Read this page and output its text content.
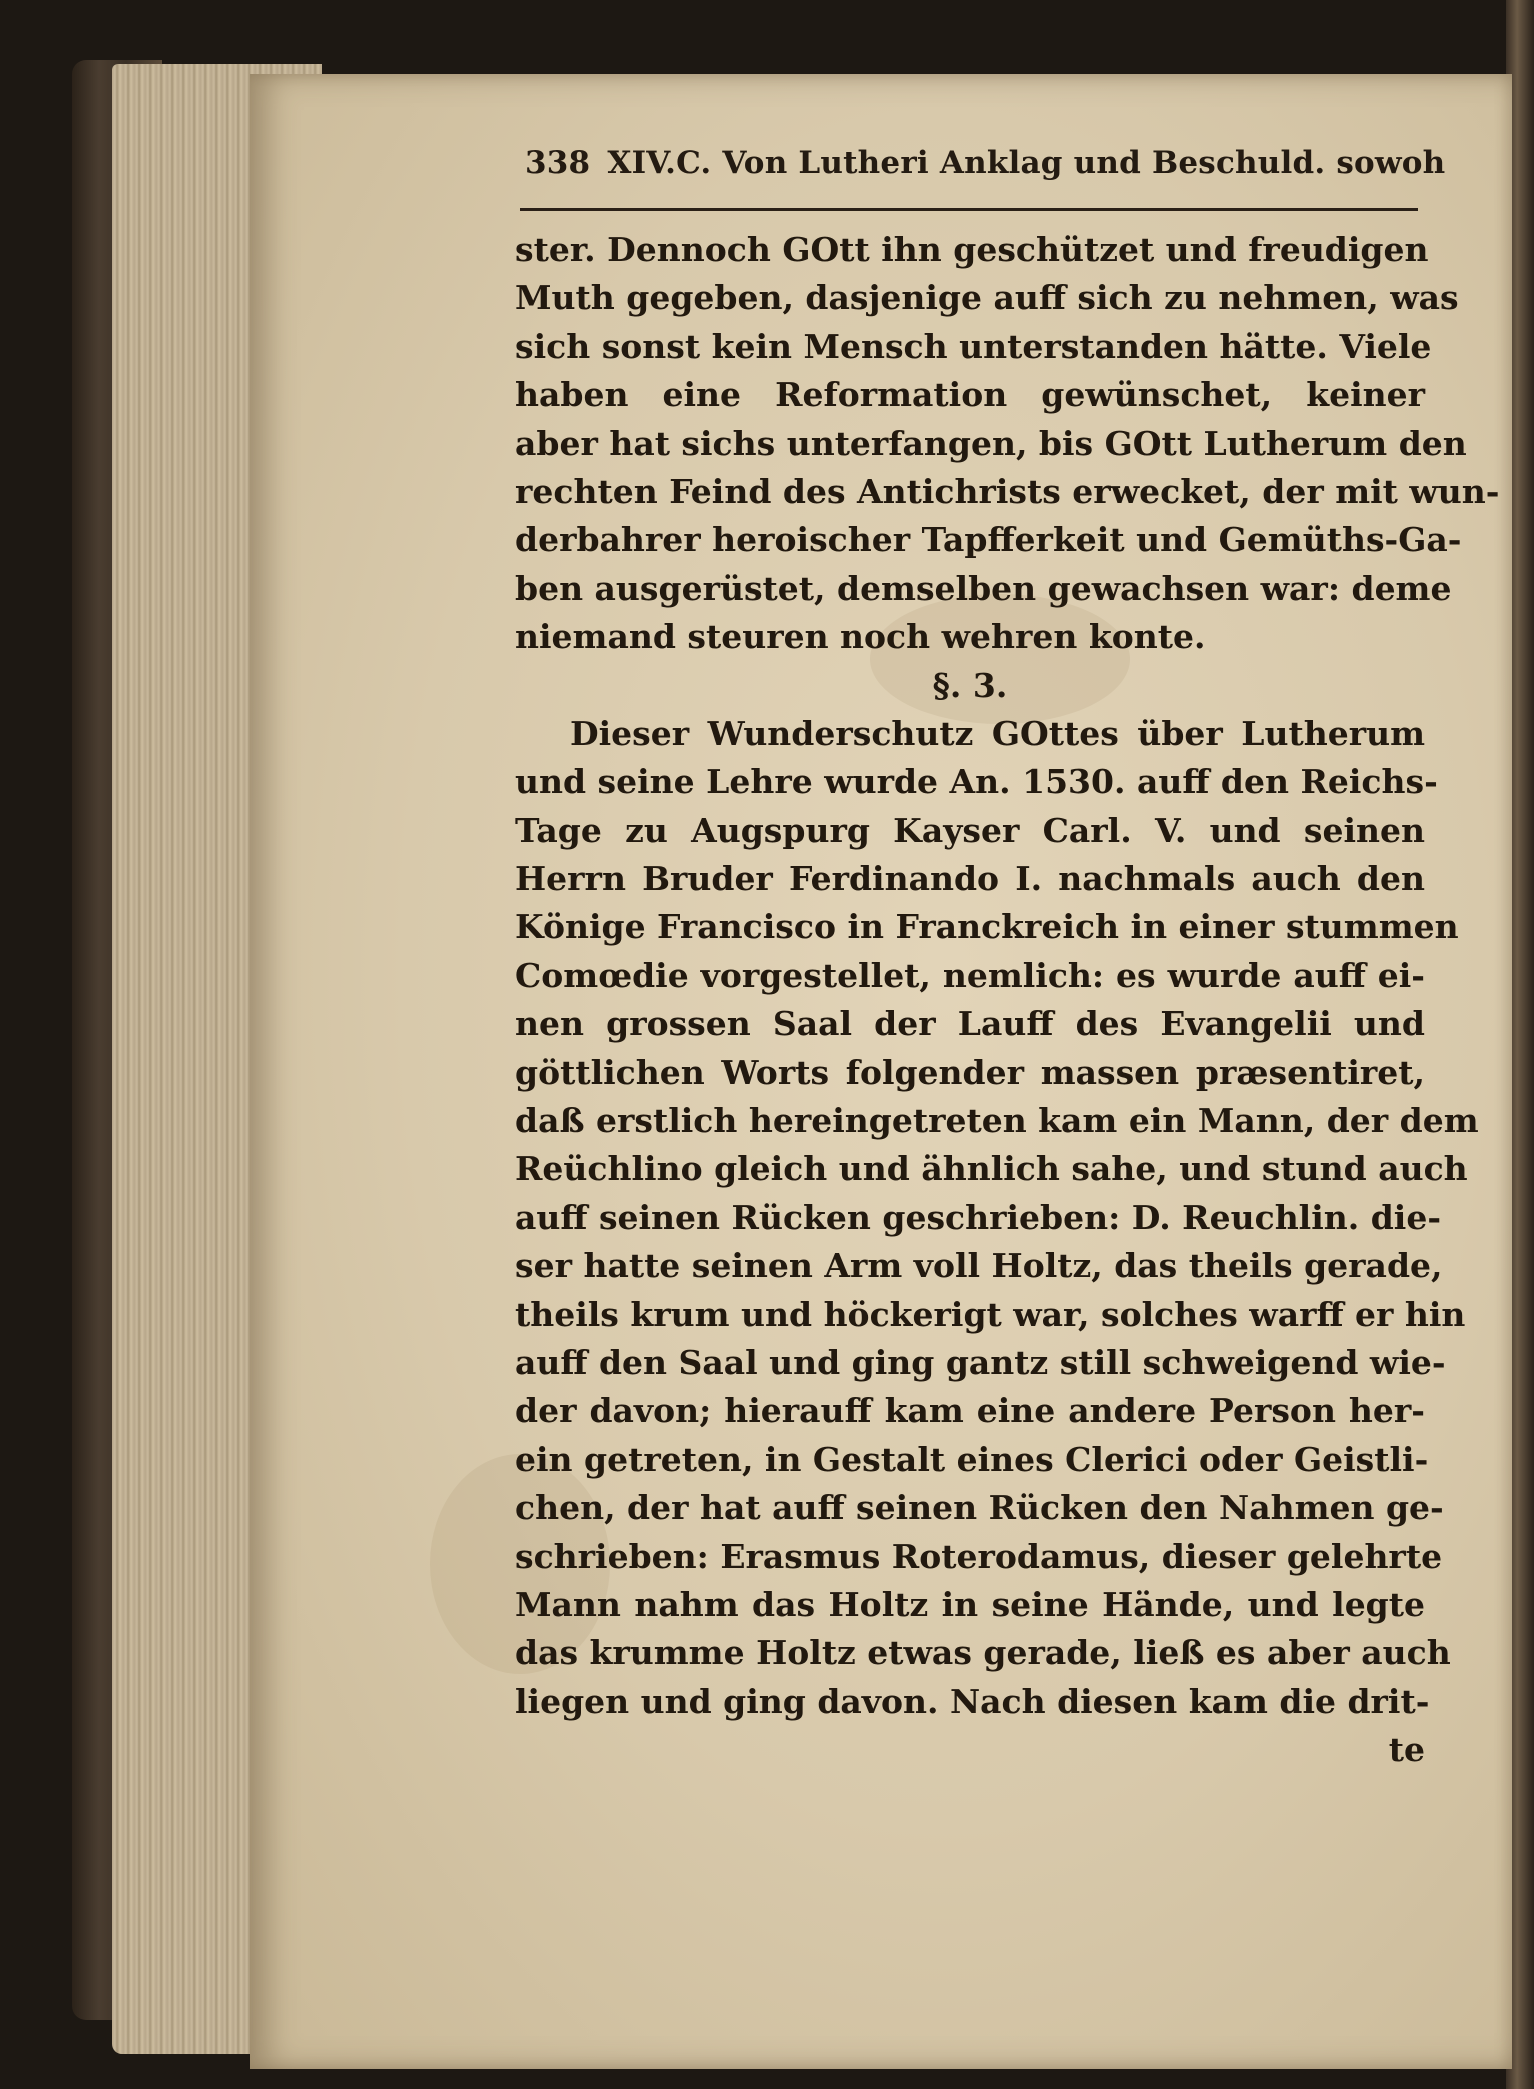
338 XIV.C. Von Lutheri Anklag und Beschuld. sowoh
ster. Dennoch GOtt ihn geschützet und freudigen
Muth gegeben, dasjenige auff sich zu nehmen, was
sich sonst kein Mensch unterstanden hätte. Viele
haben eine Reformation gewünschet, keiner
aber hat sichs unterfangen, bis GOtt Lutherum den
rechten Feind des Antichrists erwecket, der mit wun-
derbahrer heroischer Tapfferkeit und Gemüths-Ga-
ben ausgerüstet, demselben gewachsen war: deme
niemand steuren noch wehren konte.
§. 3.
Dieser Wunderschutz GOttes über Lutherum
und seine Lehre wurde An. 1530. auff den Reichs-
Tage zu Augspurg Kayser Carl. V. und seinen
Herrn Bruder Ferdinando I. nachmals auch den
Könige Francisco in Franckreich in einer stummen
Comœdie vorgestellet, nemlich: es wurde auff ei-
nen grossen Saal der Lauff des Evangelii und
göttlichen Worts folgender massen præsentiret,
daß erstlich hereingetreten kam ein Mann, der dem
Reüchlino gleich und ähnlich sahe, und stund auch
auff seinen Rücken geschrieben: D. Reuchlin. die-
ser hatte seinen Arm voll Holtz, das theils gerade,
theils krum und höckerigt war, solches warff er hin
auff den Saal und ging gantz still schweigend wie-
der davon; hierauff kam eine andere Person her-
ein getreten, in Gestalt eines Clerici oder Geistli-
chen, der hat auff seinen Rücken den Nahmen ge-
schrieben: Erasmus Roterodamus, dieser gelehrte
Mann nahm das Holtz in seine Hände, und legte
das krumme Holtz etwas gerade, ließ es aber auch
liegen und ging davon. Nach diesen kam die drit-
te
